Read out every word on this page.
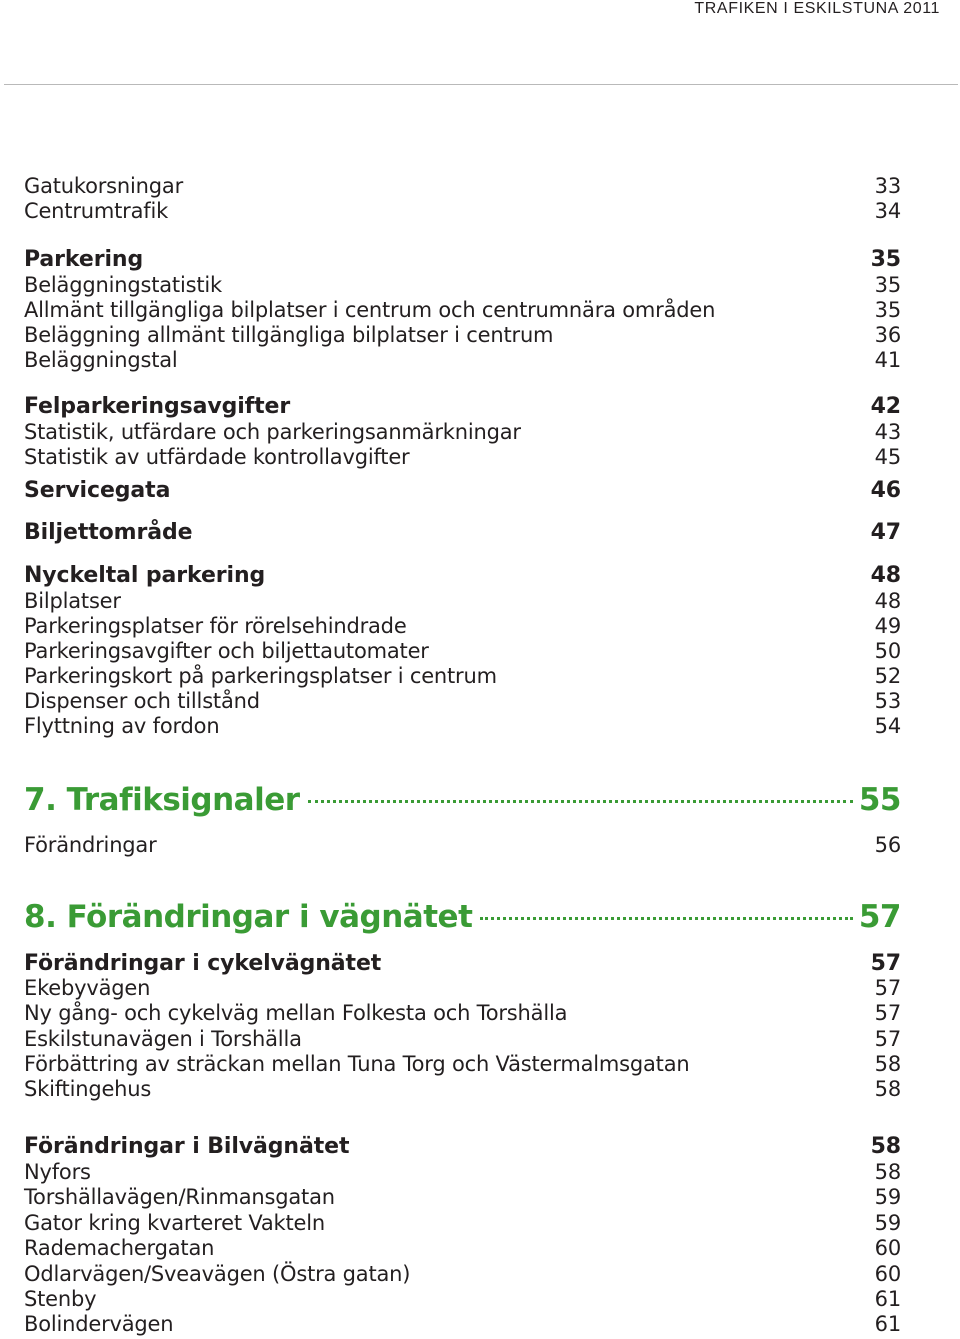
TRAFIKEN I ESKILSTUNA 2011
Gatukorsningar	33
Centrumtrafik	34
Parkering	35
Beläggningstatistik	35
Allmänt tillgängliga bilplatser i centrum och centrumnära områden	35
Beläggning allmänt tillgängliga bilplatser i centrum	36
Beläggningstal	41
Felparkeringsavgifter	42
Statistik, utfärdare och parkeringsanmärkningar	43
Statistik av utfärdade kontrollavgifter	45
Servicegata	46
Biljettområde	47
Nyckeltal parkering	48
Bilplatser	48
Parkeringsplatser för rörelsehindrade	49
Parkeringsavgifter och biljettautomater	50
Parkeringskort på parkeringsplatser i centrum	52
Dispenser och tillstånd	53
Flyttning av fordon	54
7. Trafiksignaler	55
Förändringar	56
8. Förändringar i vägnätet	57
Förändringar i cykelvägnätet	57
Ekebyvägen	57
Ny gång- och cykelväg mellan Folkesta och Torshälla	57
Eskilstunavägen i Torshälla	57
Förbättring av sträckan mellan Tuna Torg och Västermalmsgatan	58
Skiftingehus	58
Förändringar i Bilvägnätet	58
Nyfors	58
Torshällavägen/Rinmansgatan	59
Gator kring kvarteret Vakteln	59
Rademachergatan	60
Odlarvägen/Sveavägen (Östra gatan)	60
Stenby	61
Bolindervägen	61
